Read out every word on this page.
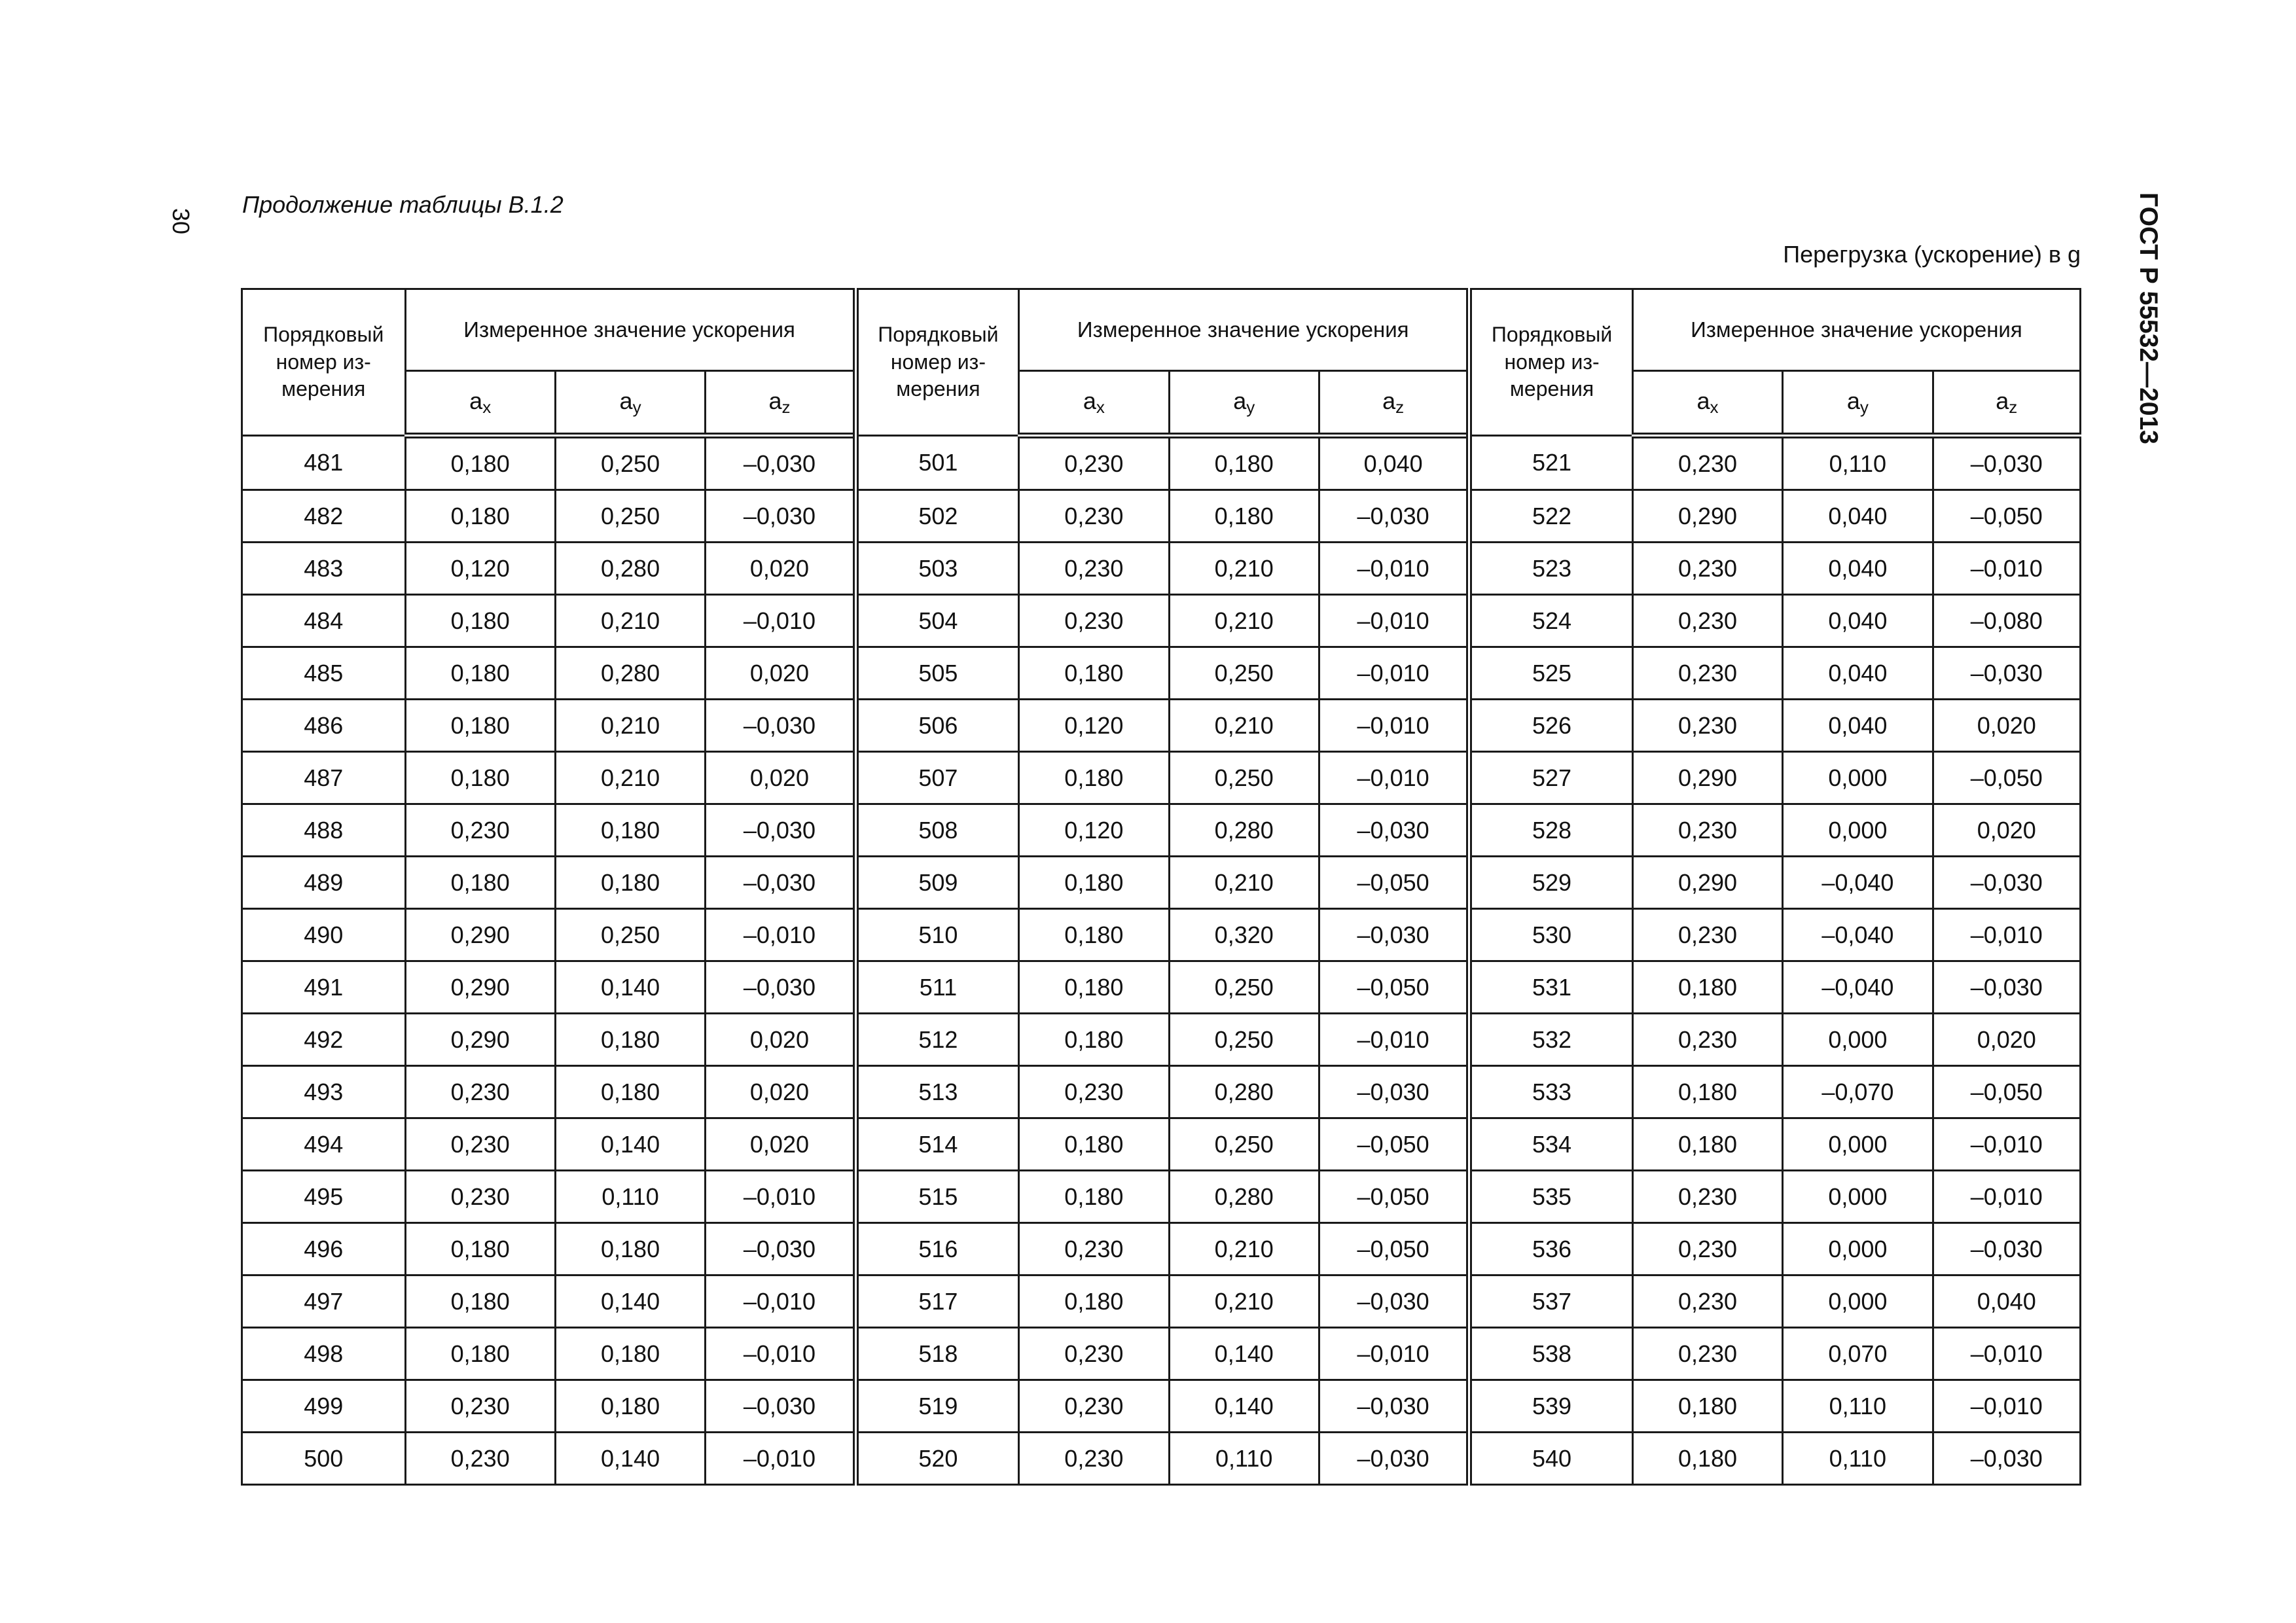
30
Продолжение таблицы В.1.2
Перегрузка (ускорение) в g ГОСТ Р 55532—2013
Порядковый номер из-мерения	Измеренное значение ускорения			Порядковый номер из-мерения	Измеренное значение ускорения			Порядковый номер из-мерения	Измеренное значение ускорения		
	$a_x$	$a_y$	$a_z$		$a_x$	$a_y$	$a_z$		$a_x$	$a_y$	$a_z$
481	0,180	0,250	–0,030	501	0,230	0,180	0,040	521	0,230	0,110	–0,030
482	0,180	0,250	–0,030	502	0,230	0,180	–0,030	522	0,290	0,040	–0,050
483	0,120	0,280	0,020	503	0,230	0,210	–0,010	523	0,230	0,040	–0,010
484	0,180	0,210	–0,010	504	0,230	0,210	–0,010	524	0,230	0,040	–0,080
485	0,180	0,280	0,020	505	0,180	0,250	–0,010	525	0,230	0,040	–0,030
486	0,180	0,210	–0,030	506	0,120	0,210	–0,010	526	0,230	0,040	0,020
487	0,180	0,210	0,020	507	0,180	0,250	–0,010	527	0,290	0,000	–0,050
488	0,230	0,180	–0,030	508	0,120	0,280	–0,030	528	0,230	0,000	0,020
489	0,180	0,180	–0,030	509	0,180	0,210	–0,050	529	0,290	–0,040	–0,030
490	0,290	0,250	–0,010	510	0,180	0,320	–0,030	530	0,230	–0,040	–0,010
491	0,290	0,140	–0,030	511	0,180	0,250	–0,050	531	0,180	–0,040	–0,030
492	0,290	0,180	0,020	512	0,180	0,250	–0,010	532	0,230	0,000	0,020
493	0,230	0,180	0,020	513	0,230	0,280	–0,030	533	0,180	–0,070	–0,050
494	0,230	0,140	0,020	514	0,180	0,250	–0,050	534	0,180	0,000	–0,010
495	0,230	0,110	–0,010	515	0,180	0,280	–0,050	535	0,230	0,000	–0,010
496	0,180	0,180	–0,030	516	0,230	0,210	–0,050	536	0,230	0,000	–0,030
497	0,180	0,140	–0,010	517	0,180	0,210	–0,030	537	0,230	0,000	0,040
498	0,180	0,180	–0,010	518	0,230	0,140	–0,010	538	0,230	0,070	–0,010
499	0,230	0,180	–0,030	519	0,230	0,140	–0,030	539	0,180	0,110	–0,010
500	0,230	0,140	–0,010	520	0,230	0,110	–0,030	540	0,180	0,110	–0,030
